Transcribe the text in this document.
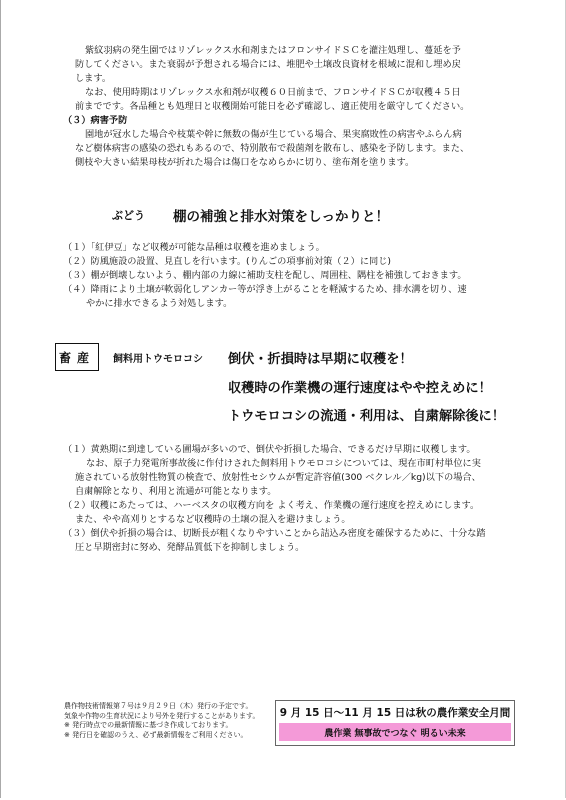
紫紋羽病の発生園ではリゾレックス水和剤またはフロンサイドＳＣを灌注処理し、蔓延を予

防してください。また衰弱が予想される場合には、堆肥や土壌改良資材を根域に混和し埋め戻

します。

なお、使用時期はリゾレックス水和剤が収穫６０日前まで、フロンサイドＳＣが収穫４５日

前までです。各品種とも処理日と収穫開始可能日を必ず確認し、適正使用を厳守してください。

（３）病害予防

園地が冠水した場合や枝葉や幹に無数の傷が生じている場合、果実腐敗性の病害やふらん病

など樹体病害の感染の恐れもあるので、特別散布で殺菌剤を散布し、感染を予防します。また、

側枝や大きい結果母枝が折れた場合は傷口をなめらかに切り、塗布剤を塗ります。

ぶどう 棚の補強と排水対策をしっかりと！

（１）「紅伊豆」など収穫が可能な品種は収穫を進めましょう。

（２）防風施設の設置、見直しを行います。(りんごの項事前対策（２）に同じ)

（３）棚が倒壊しないよう、棚内部の力線に補助支柱を配し、周囲柱、隅柱を補強しておきます。

（４）降雨により土壌が軟弱化しアンカー等が浮き上がることを軽減するため、排水溝を切り、速

やかに排水できるよう対処します。

畜産 飼料用トウモロコシ 倒伏・折損時は早期に収穫を！
収穫時の作業機の運行速度はやや控えめに！
トウモロコシの流通・利用は、自粛解除後に！

（１）黄熟期に到達している圃場が多いので、倒伏や折損した場合、できるだけ早期に収穫します。

なお、原子力発電所事故後に作付けされた飼料用トウモロコシについては、現在市町村単位に実

施されている放射性物質の検査で、放射性セシウムが暫定許容値(300 ベクレル／kg)以下の場合、

自粛解除となり、利用と流通が可能となります。

（２）収穫にあたっては、ハーベスタの収穫方向を よく考え、作業機の運行速度を控えめにします。

また、やや高刈りとするなど収穫時の土壌の混入を避けましょう。

（３）倒伏や折損の場合は、切断長が粗くなりやすいことから詰込み密度を確保するために、十分な踏

圧と早期密封に努め、発酵品質低下を抑制しましょう。

農作物技術情報第７号は９月２９日（木）発行の予定です。
気象や作物の生育状況により号外を発行することがあります。
※ 発行時点での最新情報に基づき作成しております。
※ 発行日を確認のうえ、必ず最新情報をご利用ください。
9 月 15 日～11 月 15 日は秋の農作業安全月間
農作業 無事故でつなぐ 明るい未来
